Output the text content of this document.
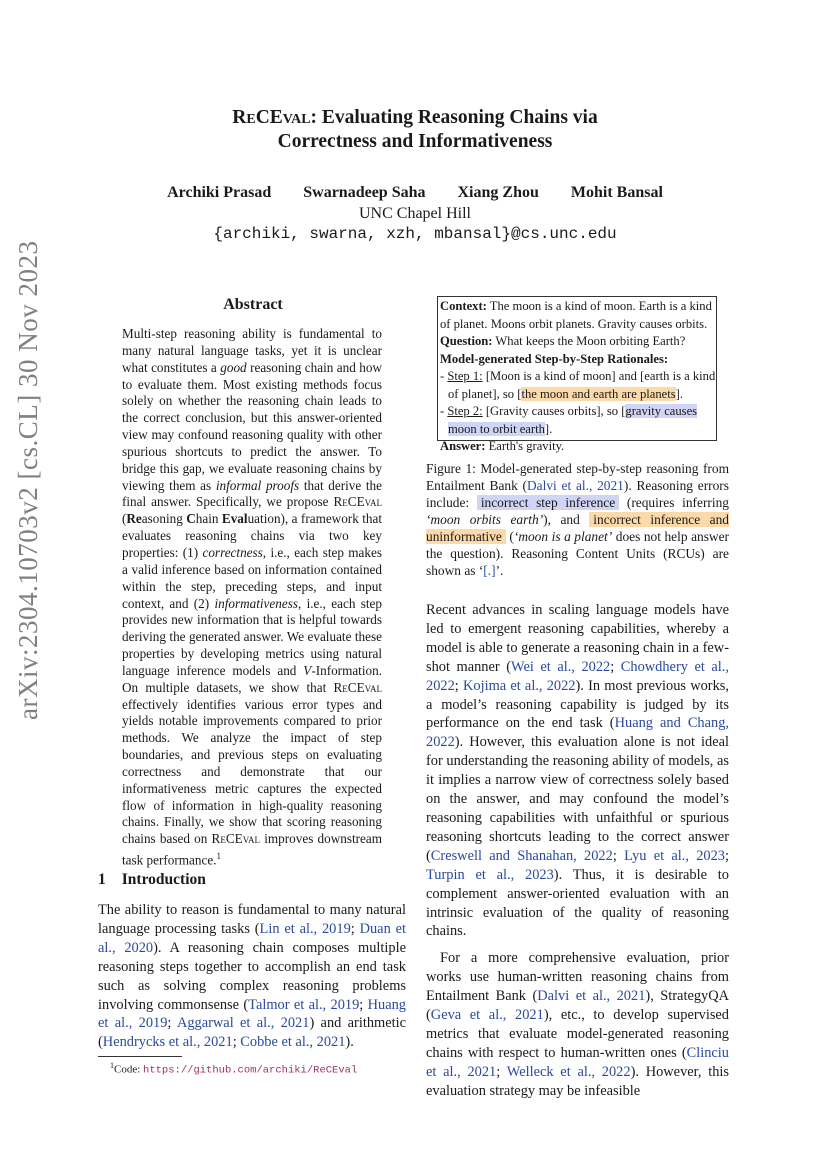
arXiv:2304.10703v2 [cs.CL] 30 Nov 2023
ReCEval: Evaluating Reasoning Chains via
Correctness and Informativeness
Archiki Prasad Swarnadeep Saha Xiang Zhou Mohit Bansal
UNC Chapel Hill
{archiki, swarna, xzh, mbansal}@cs.unc.edu
Abstract

Multi-step reasoning ability is fundamental to many natural language tasks, yet it is unclear what constitutes a good reasoning chain and how to evaluate them. Most existing methods focus solely on whether the reasoning chain leads to the correct conclusion, but this answer-oriented view may confound reasoning quality with other spurious shortcuts to predict the answer. To bridge this gap, we evaluate reasoning chains by viewing them as informal proofs that derive the final answer. Specifically, we propose ReCEval (Reasoning Chain Evaluation), a framework that evaluates reasoning chains via two key properties: (1) correctness, i.e., each step makes a valid inference based on information contained within the step, preceding steps, and input context, and (2) informativeness, i.e., each step provides new information that is helpful towards deriving the generated answer. We evaluate these properties by developing metrics using natural language inference models and V-Information. On multiple datasets, we show that ReCEval effectively identifies various error types and yields notable improvements compared to prior methods. We analyze the impact of step boundaries, and previous steps on evaluating correctness and demonstrate that our informativeness metric captures the expected flow of information in high-quality reasoning chains. Finally, we show that scoring reasoning chains based on ReCEval improves downstream task performance.$^1$

1 Introduction

The ability to reason is fundamental to many natural language processing tasks (Lin et al., 2019; Duan et al., 2020). A reasoning chain composes multiple reasoning steps together to accomplish an end task such as solving complex reasoning problems involving commonsense (Talmor et al., 2019; Huang et al., 2019; Aggarwal et al., 2021) and arithmetic (Hendrycks et al., 2021; Cobbe et al., 2021).

$^1$Code: https://github.com/archiki/ReCEval

Context: The moon is a kind of moon. Earth is a kind of planet. Moons orbit planets. Gravity causes orbits.

Question: What keeps the Moon orbiting Earth?

Model-generated Step-by-Step Rationales:

- Step 1: [Moon is a kind of moon] and [earth is a kind of planet], so [the moon and earth are planets].

- Step 2: [Gravity causes orbits], so [gravity causes moon to orbit earth].

Answer: Earth's gravity.

Figure 1: Model-generated step-by-step reasoning from Entailment Bank (Dalvi et al., 2021). Reasoning errors include: incorrect step inference (requires inferring ‘moon orbits earth’), and incorrect inference and uninformative (‘moon is a planet’ does not help answer the question). Reasoning Content Units (RCUs) are shown as ‘[.]’.

Recent advances in scaling language models have led to emergent reasoning capabilities, whereby a model is able to generate a reasoning chain in a few-shot manner (Wei et al., 2022; Chowdhery et al., 2022; Kojima et al., 2022). In most previous works, a model’s reasoning capability is judged by its performance on the end task (Huang and Chang, 2022). However, this evaluation alone is not ideal for understanding the reasoning ability of models, as it implies a narrow view of correctness solely based on the answer, and may confound the model’s reasoning capabilities with unfaithful or spurious reasoning shortcuts leading to the correct answer (Creswell and Shanahan, 2022; Lyu et al., 2023; Turpin et al., 2023). Thus, it is desirable to complement answer-oriented evaluation with an intrinsic evaluation of the quality of reasoning chains.

For a more comprehensive evaluation, prior works use human-written reasoning chains from Entailment Bank (Dalvi et al., 2021), StrategyQA (Geva et al., 2021), etc., to develop supervised metrics that evaluate model-generated reasoning chains with respect to human-written ones (Clinciu et al., 2021; Welleck et al., 2022). However, this evaluation strategy may be infeasible
